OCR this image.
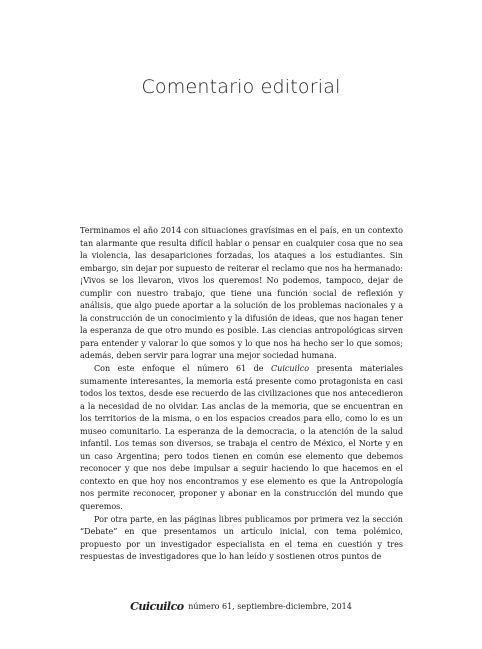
Comentario editorial

Terminamos el año 2014 con situaciones gravísimas en el país, en un contexto tan alarmante que resulta difícil hablar o pensar en cualquier cosa que no sea la violencia, las desapariciones forzadas, los ataques a los estudiantes. Sin embargo, sin dejar por supuesto de reiterar el reclamo que nos ha hermanado: ¡Vivos se los llevaron, vivos los queremos! No podemos, tampoco, dejar de cumplir con nuestro trabajo, que tiene una función social de reflexión y análisis, que algo puede aportar a la solución de los problemas nacionales y a la construcción de un conocimiento y la difusión de ideas, que nos hagan tener la esperanza de que otro mundo es posible. Las ciencias antropológicas sirven para entender y valorar lo que somos y lo que nos ha hecho ser lo que somos; además, deben servir para lograr una mejor sociedad humana.

Con este enfoque el número 61 de Cuicuilco presenta materiales sumamente interesantes, la memoria está presente como protagonista en casi todos los textos, desde ese recuerdo de las civilizaciones que nos antecedieron a la necesidad de no olvidar. Las anclas de la memoria, que se encuentran en los territorios de la misma, o en los espacios creados para ello, como lo es un museo comunitario. La esperanza de la democracia, o la atención de la salud infantil. Los temas son diversos, se trabaja el centro de México, el Norte y en un caso Argentina; pero todos tienen en común ese elemento que debemos reconocer y que nos debe impulsar a seguir haciendo lo que hacemos en el contexto en que hoy nos encontramos y ese elemento es que la Antropología nos permite reconocer, proponer y abonar en la construcción del mundo que queremos.

Por otra parte, en las páginas libres publicamos por primera vez la sección “Debate” en que presentamos un artículo inicial, con tema polémico, propuesto por un investigador especialista en el tema en cuestión y tres respuestas de investigadores que lo han leído y sostienen otros puntos de

Cuicuilco número 61, septiembre-diciembre, 2014
